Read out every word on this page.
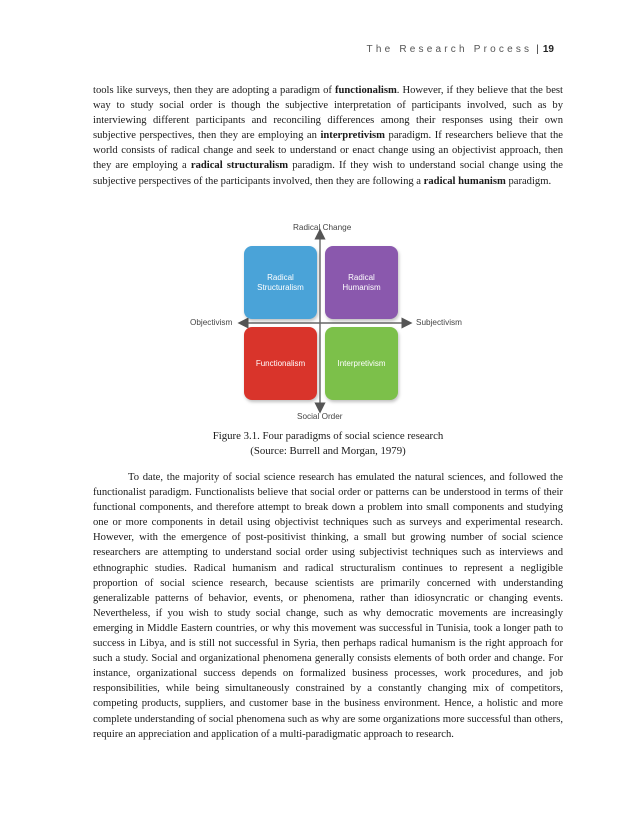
The Research Process | 19
tools like surveys, then they are adopting a paradigm of functionalism. However, if they believe that the best way to study social order is though the subjective interpretation of participants involved, such as by interviewing different participants and reconciling differences among their responses using their own subjective perspectives, then they are employing an interpretivism paradigm. If researchers believe that the world consists of radical change and seek to understand or enact change using an objectivist approach, then they are employing a radical structuralism paradigm. If they wish to understand social change using the subjective perspectives of the participants involved, then they are following a radical humanism paradigm.
Radical Change
Social Order
Objectivism	Subjectivism
Radical Structuralism
Radical Humanism
Functionalism	Interpretivism
Figure 3.1. Four paradigms of social science research
(Source: Burrell and Morgan, 1979)
To date, the majority of social science research has emulated the natural sciences, and followed the functionalist paradigm. Functionalists believe that social order or patterns can be understood in terms of their functional components, and therefore attempt to break down a problem into small components and studying one or more components in detail using objectivist techniques such as surveys and experimental research. However, with the emergence of post-positivist thinking, a small but growing number of social science researchers are attempting to understand social order using subjectivist techniques such as interviews and ethnographic studies. Radical humanism and radical structuralism continues to represent a negligible proportion of social science research, because scientists are primarily concerned with understanding generalizable patterns of behavior, events, or phenomena, rather than idiosyncratic or changing events. Nevertheless, if you wish to study social change, such as why democratic movements are increasingly emerging in Middle Eastern countries, or why this movement was successful in Tunisia, took a longer path to success in Libya, and is still not successful in Syria, then perhaps radical humanism is the right approach for such a study. Social and organizational phenomena generally consists elements of both order and change. For instance, organizational success depends on formalized business processes, work procedures, and job responsibilities, while being simultaneously constrained by a constantly changing mix of competitors, competing products, suppliers, and customer base in the business environment. Hence, a holistic and more complete understanding of social phenomena such as why are some organizations more successful than others, require an appreciation and application of a multi-paradigmatic approach to research.
